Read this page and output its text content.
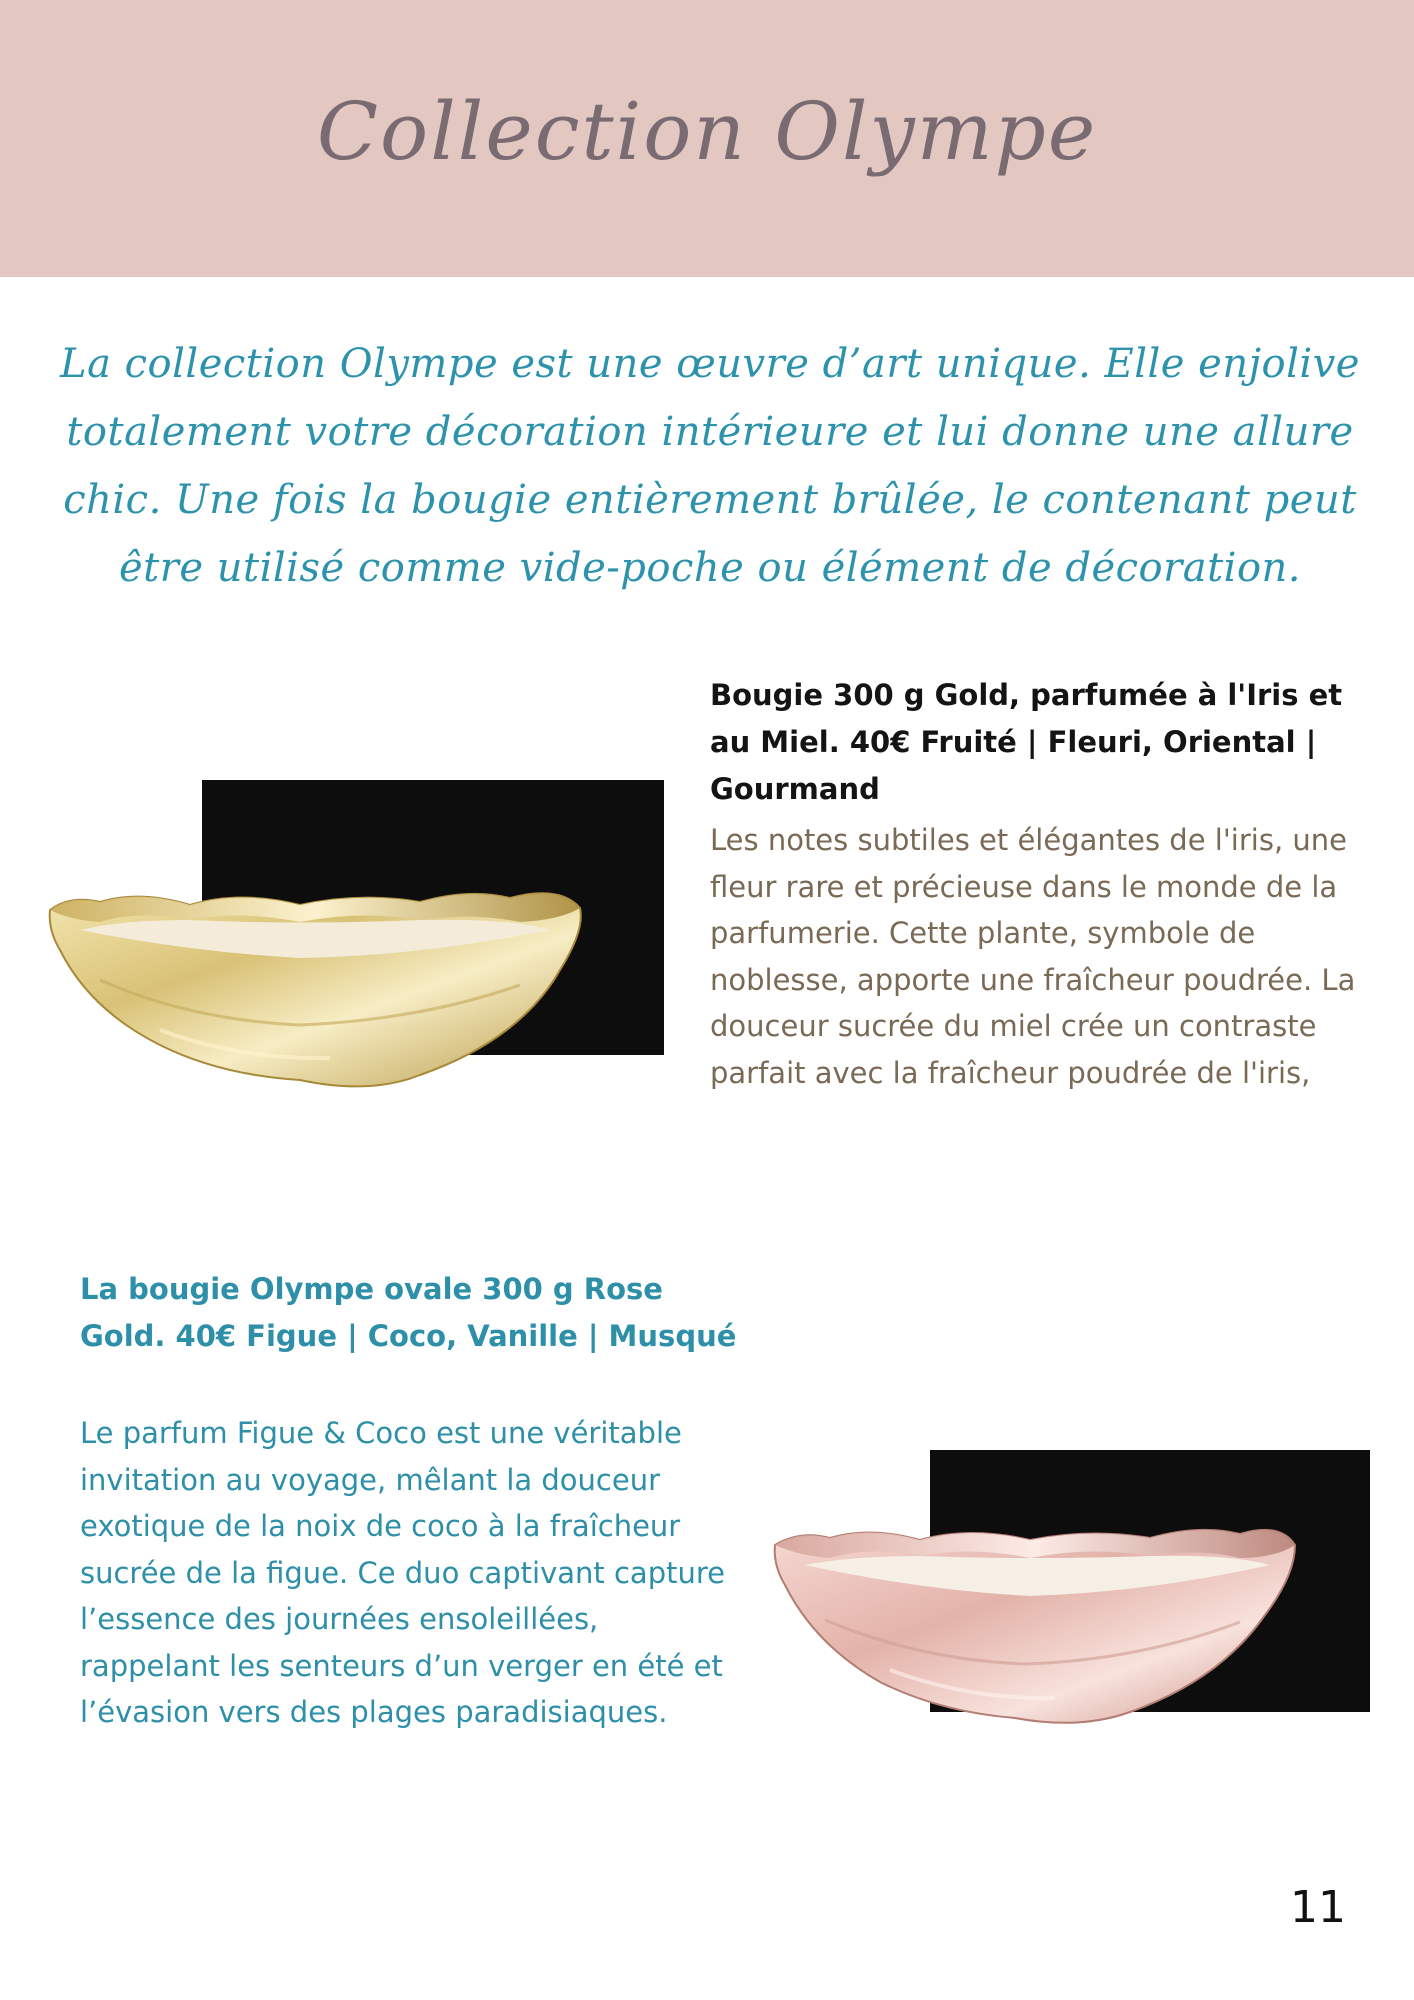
Collection Olympe
La collection Olympe est une œuvre d’art unique. Elle enjolive totalement votre décoration intérieure et lui donne une allure chic. Une fois la bougie entièrement brûlée, le contenant peut être utilisé comme vide-poche ou élément de décoration.
Bougie 300 g Gold, parfumée à l'Iris et au Miel. 40€ Fruité | Fleuri, Oriental | Gourmand
Les notes subtiles et élégantes de l'iris, une fleur rare et précieuse dans le monde de la parfumerie. Cette plante, symbole de noblesse, apporte une fraîcheur poudrée. La douceur sucrée du miel crée un contraste parfait avec la fraîcheur poudrée de l'iris,
La bougie Olympe ovale 300 g Rose Gold. 40€ Figue | Coco, Vanille | Musqué
Le parfum Figue & Coco est une véritable invitation au voyage, mêlant la douceur exotique de la noix de coco à la fraîcheur sucrée de la figue. Ce duo captivant capture l’essence des journées ensoleillées, rappelant les senteurs d’un verger en été et l’évasion vers des plages paradisiaques.
11
